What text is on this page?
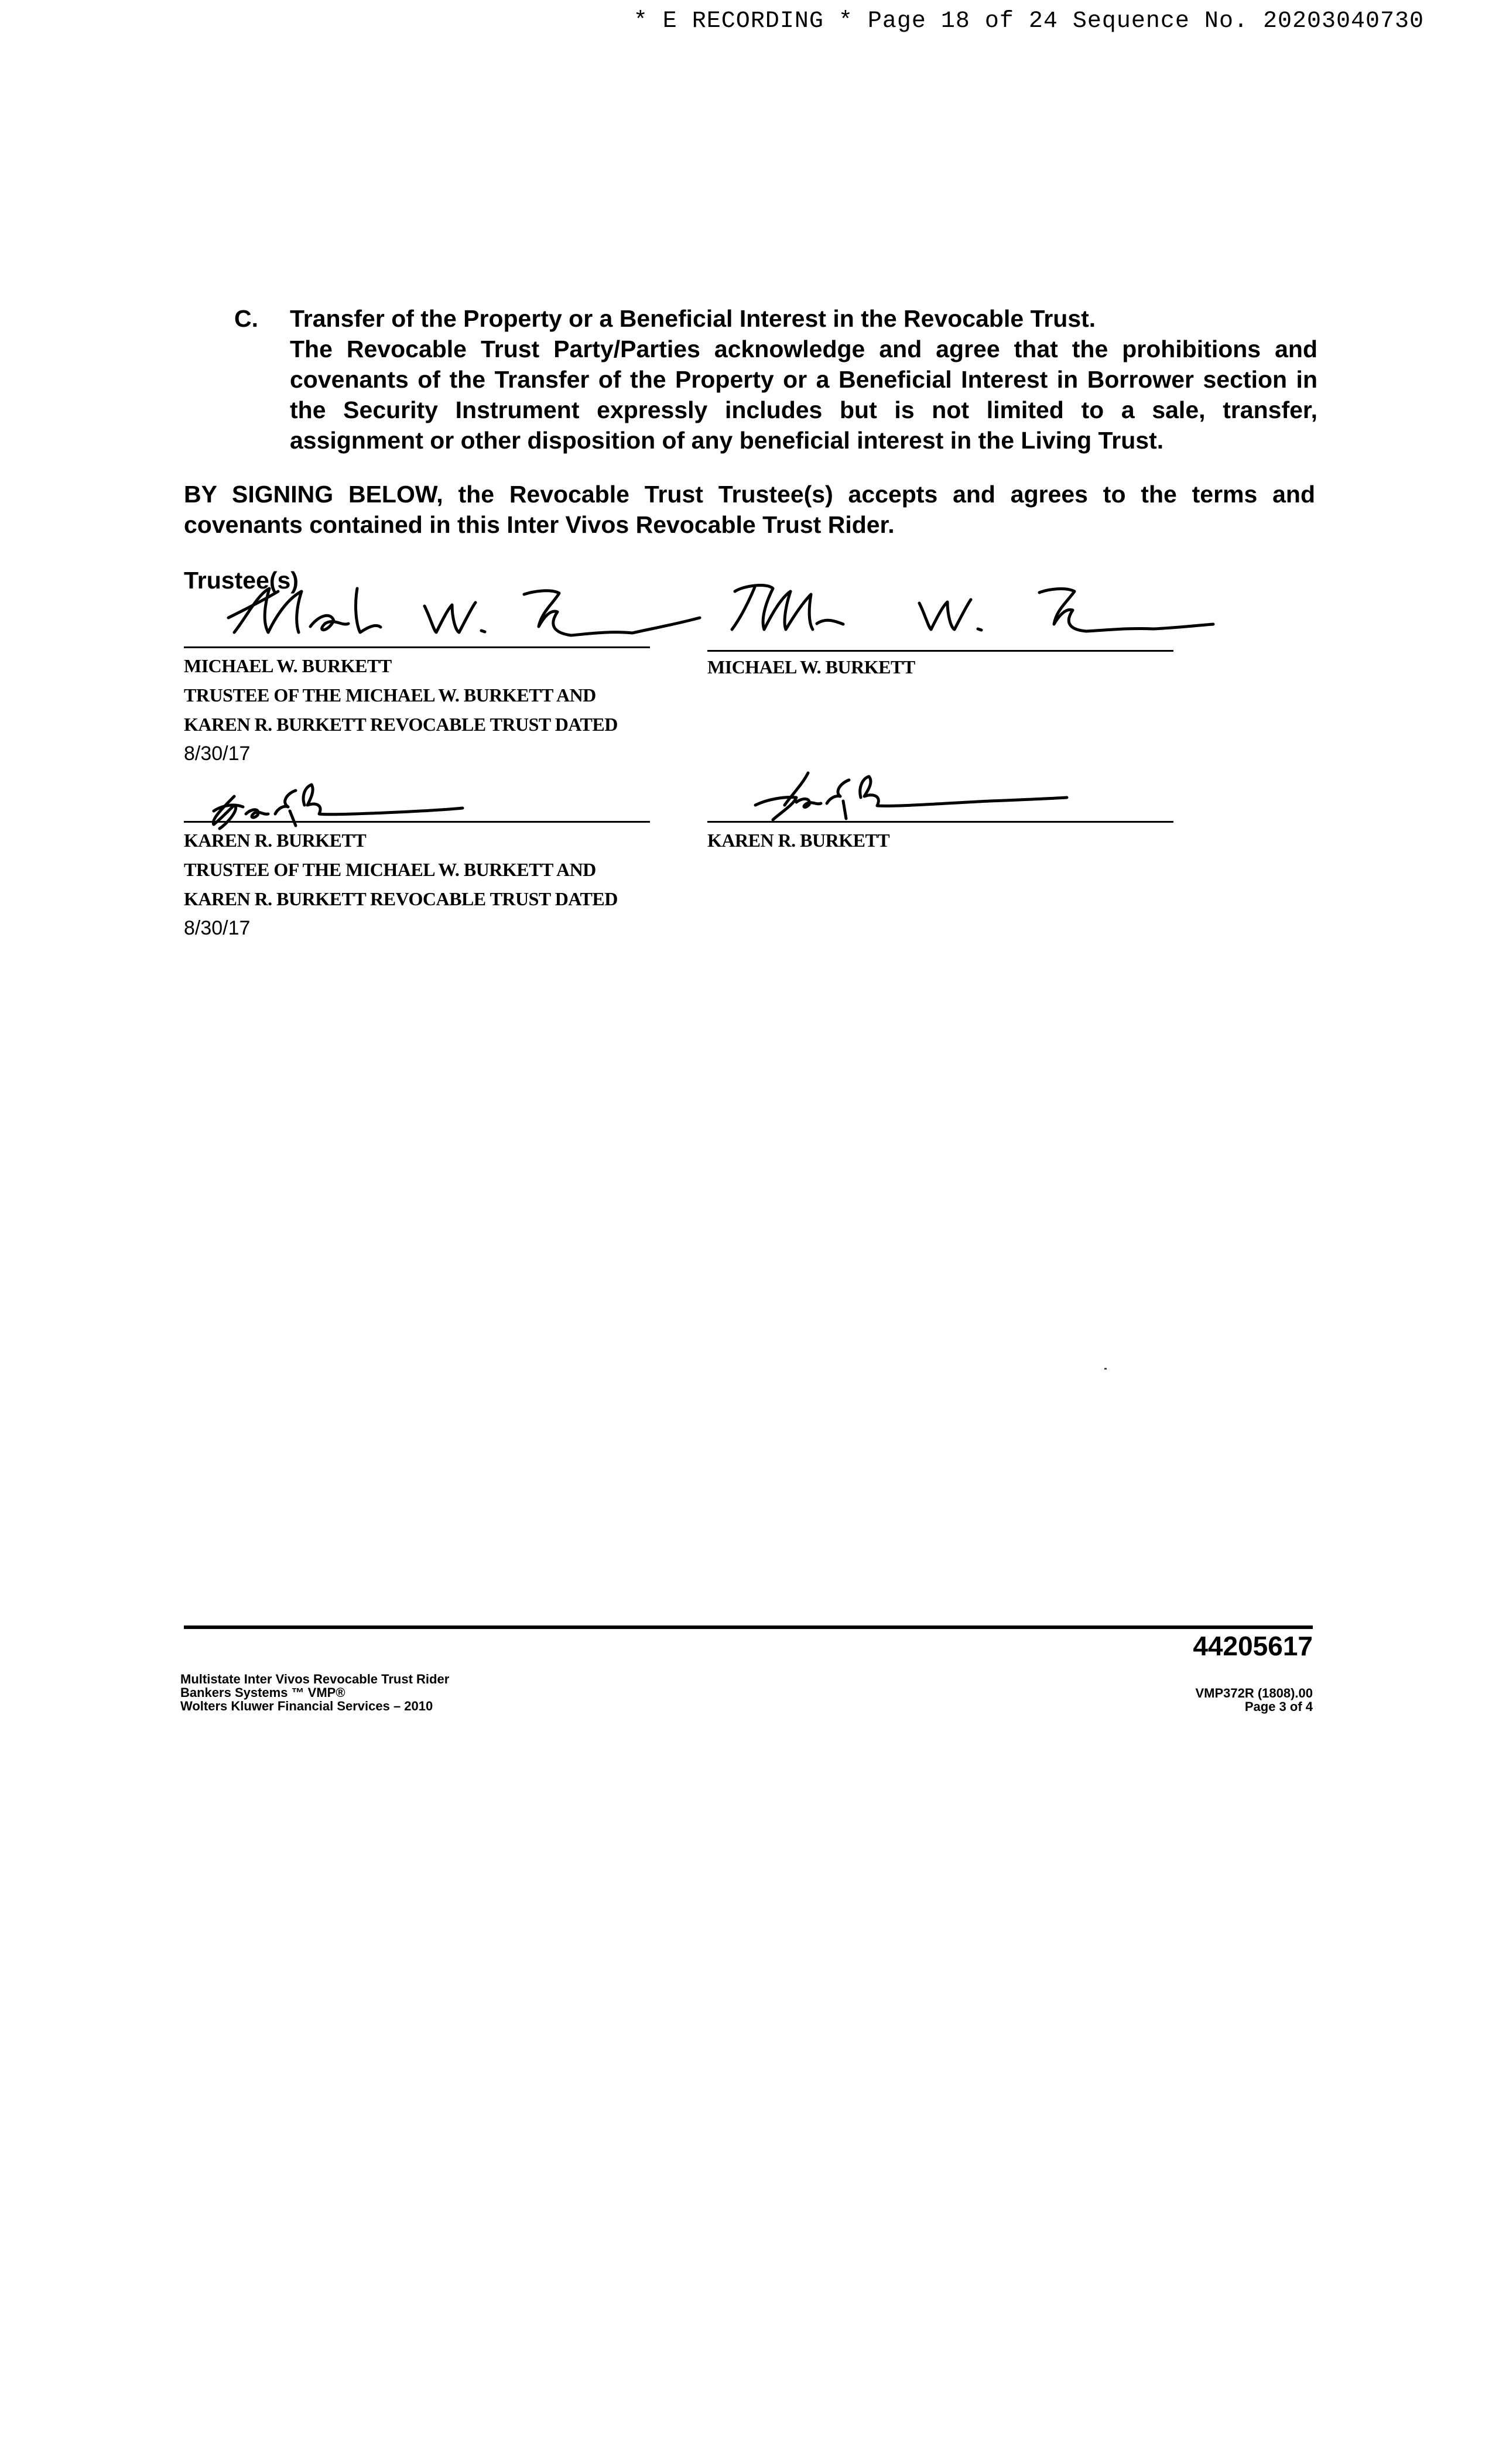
* E RECORDING * Page 18 of 24 Sequence No. 20203040730
C. Transfer of the Property or a Beneficial Interest in the Revocable Trust.
The Revocable Trust Party/Parties acknowledge and agree that the prohibitions and covenants of the Transfer of the Property or a Beneficial Interest in Borrower section in the Security Instrument expressly includes but is not limited to a sale, transfer, assignment or other disposition of any beneficial interest in the Living Trust.
BY SIGNING BELOW, the Revocable Trust Trustee(s) accepts and agrees to the terms and covenants contained in this Inter Vivos Revocable Trust Rider.
Trustee(s)
MICHAEL W. BURKETT
TRUSTEE OF THE MICHAEL W. BURKETT AND
KAREN R. BURKETT REVOCABLE TRUST DATED
8/30/17
MICHAEL W. BURKETT
KAREN R. BURKETT
TRUSTEE OF THE MICHAEL W. BURKETT AND
KAREN R. BURKETT REVOCABLE TRUST DATED
8/30/17
KAREN R. BURKETT
44205617
Multistate Inter Vivos Revocable Trust Rider
Bankers Systems ™ VMP®
Wolters Kluwer Financial Services – 2010
VMP372R (1808).00
Page 3 of 4
